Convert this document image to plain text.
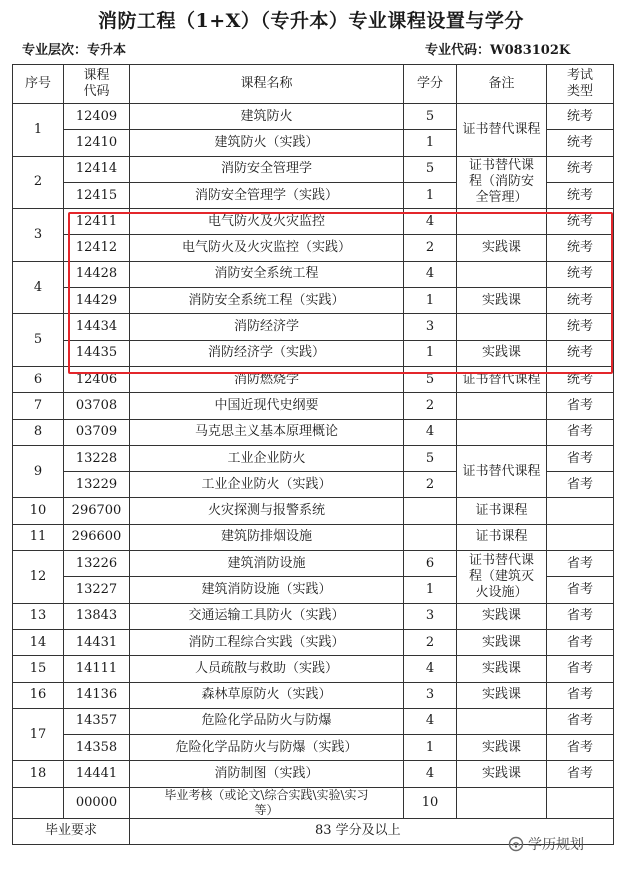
消防工程（1+X）（专升本）专业课程设置与学分
专业层次：专升本	专业代码：W083102K
序号	课程代码	课程名称	学分	备注	考试类型
1	12409	建筑防火	5	证书替代课程	统考
	12410	建筑防火（实践）	1		统考
2	12414	消防安全管理学	5	证书替代课程（消防安全管理）	统考
	12415	消防安全管理学（实践）	1		统考
3	12411	电气防火及火灾监控	4		统考
	12412	电气防火及火灾监控（实践）	2	实践课	统考
4	14428	消防安全系统工程	4		统考
	14429	消防安全系统工程（实践）	1	实践课	统考
5	14434	消防经济学	3		统考
	14435	消防经济学（实践）	1	实践课	统考
6	12406	消防燃烧学	5	证书替代课程	统考
7	03708	中国近现代史纲要	2		省考
8	03709	马克思主义基本原理概论	4		省考
9	13228	工业企业防火	5	证书替代课程	省考
	13229	工业企业防火（实践）	2		省考
10	296700	火灾探测与报警系统		证书课程	
11	296600	建筑防排烟设施		证书课程	
12	13226	建筑消防设施	6	证书替代课程（建筑灭火设施）	省考
	13227	建筑消防设施（实践）	1		省考
13	13843	交通运输工具防火（实践）	3	实践课	省考
14	14431	消防工程综合实践（实践）	2	实践课	省考
15	14111	人员疏散与救助（实践）	4	实践课	省考
16	14136	森林草原防火（实践）	3	实践课	省考
17	14357	危险化学品防火与防爆	4		省考
	14358	危险化学品防火与防爆（实践）	1	实践课	省考
18	14441	消防制图（实践）	4	实践课	省考
	00000	毕业考核（或论文\综合实践\实验\实习等）	10		
毕业要求		83 学分及以上			
学历规划
